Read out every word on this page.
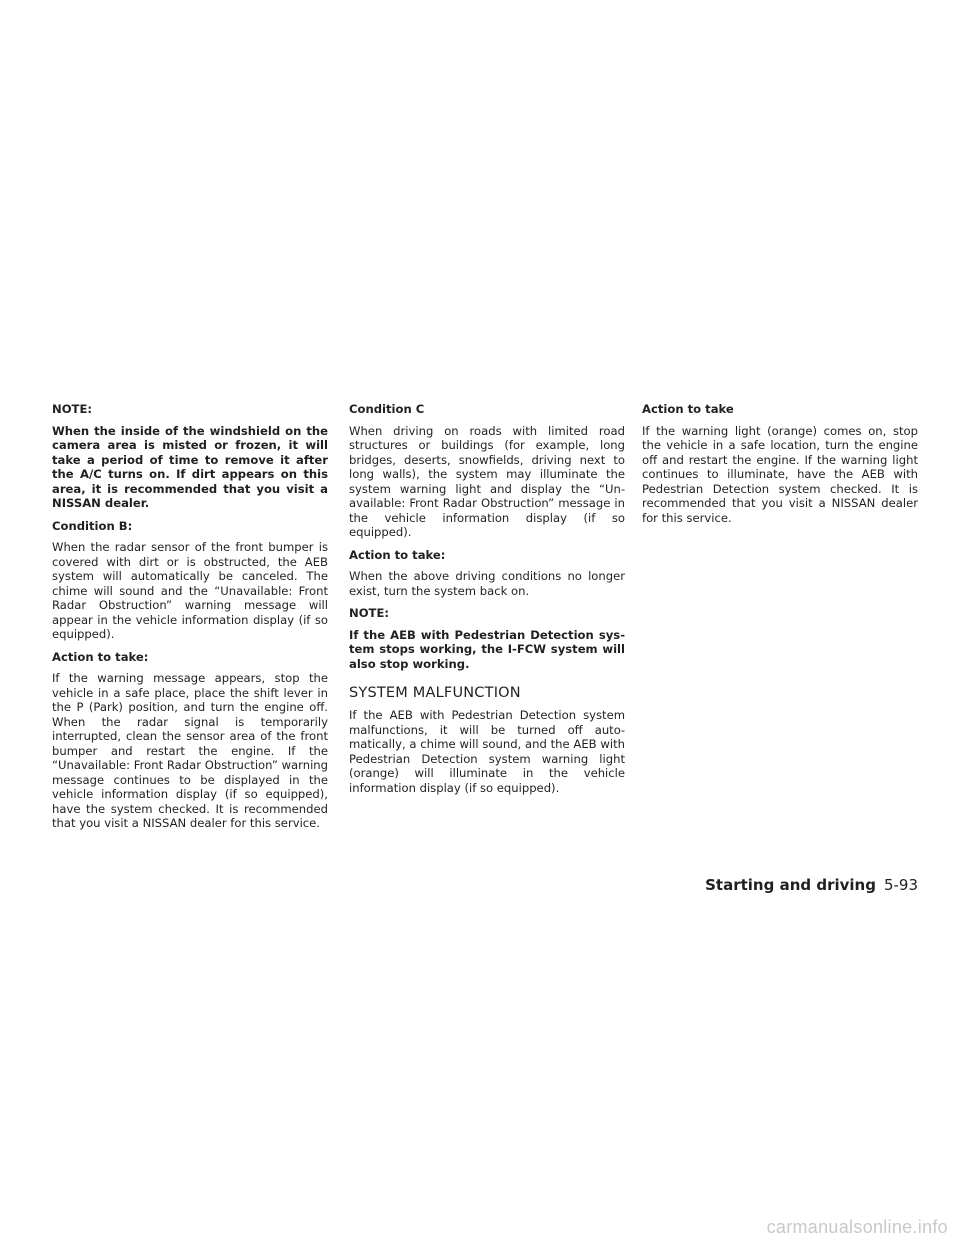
NOTE:

When the inside of the windshield on the camera area is misted or frozen, it will take a period of time to remove it after the A/C turns on. If dirt appears on this area, it is recommended that you visit a NISSAN dealer.

Condition B:

When the radar sensor of the front bumper is covered with dirt or is obstructed, the AEB system will automatically be canceled. The chime will sound and the “Unavailable: Front Radar Obstruction” warning message will appear in the vehicle information display (if so equipped).

Action to take:

If the warning message appears, stop the vehicle in a safe place, place the shift lever in the P (Park) position, and turn the engine off. When the radar signal is temporarily interrupted, clean the sensor area of the front bumper and restart the engine. If the “Unavailable: Front Radar Obstruction” warning message continues to be displayed in the vehicle information display (if so equipped), have the system checked. It is recommended that you visit a NISSAN dealer for this service.

Condition C

When driving on roads with limited road structures or buildings (for example, long bridges, deserts, snowfields, driving next to long walls), the system may illuminate the system warning light and display the “Unavailable: Front Radar Obstruction” message in the vehicle information display (if so equipped).

Action to take:

When the above driving conditions no longer exist, turn the system back on.

NOTE:

If the AEB with Pedestrian Detection system stops working, the I-FCW system will also stop working.

SYSTEM MALFUNCTION

If the AEB with Pedestrian Detection system malfunctions, it will be turned off automatically, a chime will sound, and the AEB with Pedestrian Detection system warning light (orange) will illuminate in the vehicle information display (if so equipped).

Action to take

If the warning light (orange) comes on, stop the vehicle in a safe location, turn the engine off and restart the engine. If the warning light continues to illuminate, have the AEB with Pedestrian Detection system checked. It is recommended that you visit a NISSAN dealer for this service.

Starting and driving 5-93
carmanualsonline.info
